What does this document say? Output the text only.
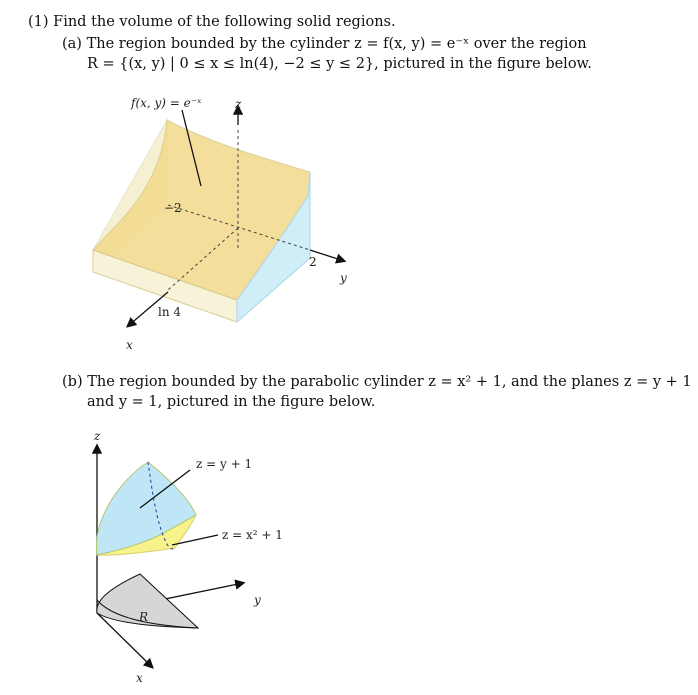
(1) Find the volume of the following solid regions.
(a) The region bounded by the cylinder z = f(x, y) = e⁻ˣ over the region
R = {(x, y) | 0 ≤ x ≤ ln(4), −2 ≤ y ≤ 2}, pictured in the figure below.
(b) The region bounded by the parabolic cylinder z = x² + 1, and the planes z = y + 1
and y = 1, pictured in the figure below.
f(x, y) = e⁻ˣ	z
−2
2
y
ln 4
x
z
z = y + 1
z = x² + 1
y
R
x
